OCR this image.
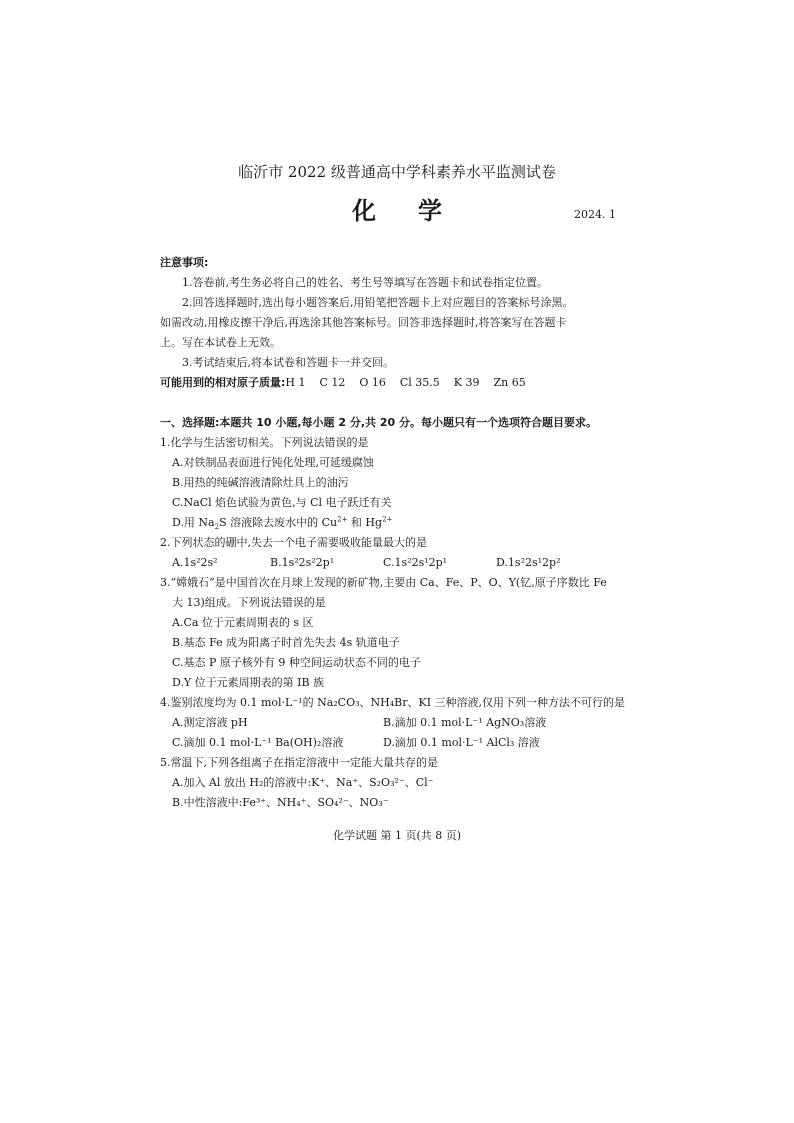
临沂市 2022 级普通高中学科素养水平监测试卷
化学	2024. 1
注意事项:
1.答卷前,考生务必将自己的姓名、考生号等填写在答题卡和试卷指定位置。
2.回答选择题时,选出每小题答案后,用铅笔把答题卡上对应题目的答案标号涂黑。
如需改动,用橡皮擦干净后,再选涂其他答案标号。回答非选择题时,将答案写在答题卡
上。写在本试卷上无效。
3.考试结束后,将本试卷和答题卡一并交回。
可能用到的相对原子质量:H 1    C 12    O 16    Cl 35.5    K 39    Zn 65
一、选择题:本题共 10 小题,每小题 2 分,共 20 分。每小题只有一个选项符合题目要求。
1.化学与生活密切相关。下列说法错误的是
A.对铁制品表面进行钝化处理,可延缓腐蚀
B.用热的纯碱溶液清除灶具上的油污
C.NaCl 焰色试验为黄色,与 Cl 电子跃迁有关
D.用 $Na_2S$ 溶液除去废水中的 $Cu^{2+}$ 和 $Hg^{2+}$
2.下列状态的硼中,失去一个电子需要吸收能量最大的是
A.1s²2s²	B.1s²2s²2p¹	C.1s²2s¹2p¹	D.1s²2s¹2p²
3.“嫦娥石”是中国首次在月球上发现的新矿物,主要由 Ca、Fe、P、O、Y(钇,原子序数比 Fe
大 13)组成。下列说法错误的是
A.Ca 位于元素周期表的 s 区
B.基态 Fe 成为阳离子时首先失去 4s 轨道电子
C.基态 P 原子核外有 9 种空间运动状态不同的电子
D.Y 位于元素周期表的第 IB 族
4.鉴别浓度均为 0.1 mol·L⁻¹的 Na₂CO₃、NH₄Br、KI 三种溶液,仅用下列一种方法不可行的是
A.测定溶液 pH	B.滴加 0.1 mol·L⁻¹ AgNO₃溶液
C.滴加 0.1 mol·L⁻¹ Ba(OH)₂溶液	D.滴加 0.1 mol·L⁻¹ AlCl₃ 溶液
5.常温下,下列各组离子在指定溶液中一定能大量共存的是
A.加入 Al 放出 H₂的溶液中:K⁺、Na⁺、S₂O₃²⁻、Cl⁻
B.中性溶液中:Fe³⁺、NH₄⁺、SO₄²⁻、NO₃⁻
化学试题 第 1 页(共 8 页)
